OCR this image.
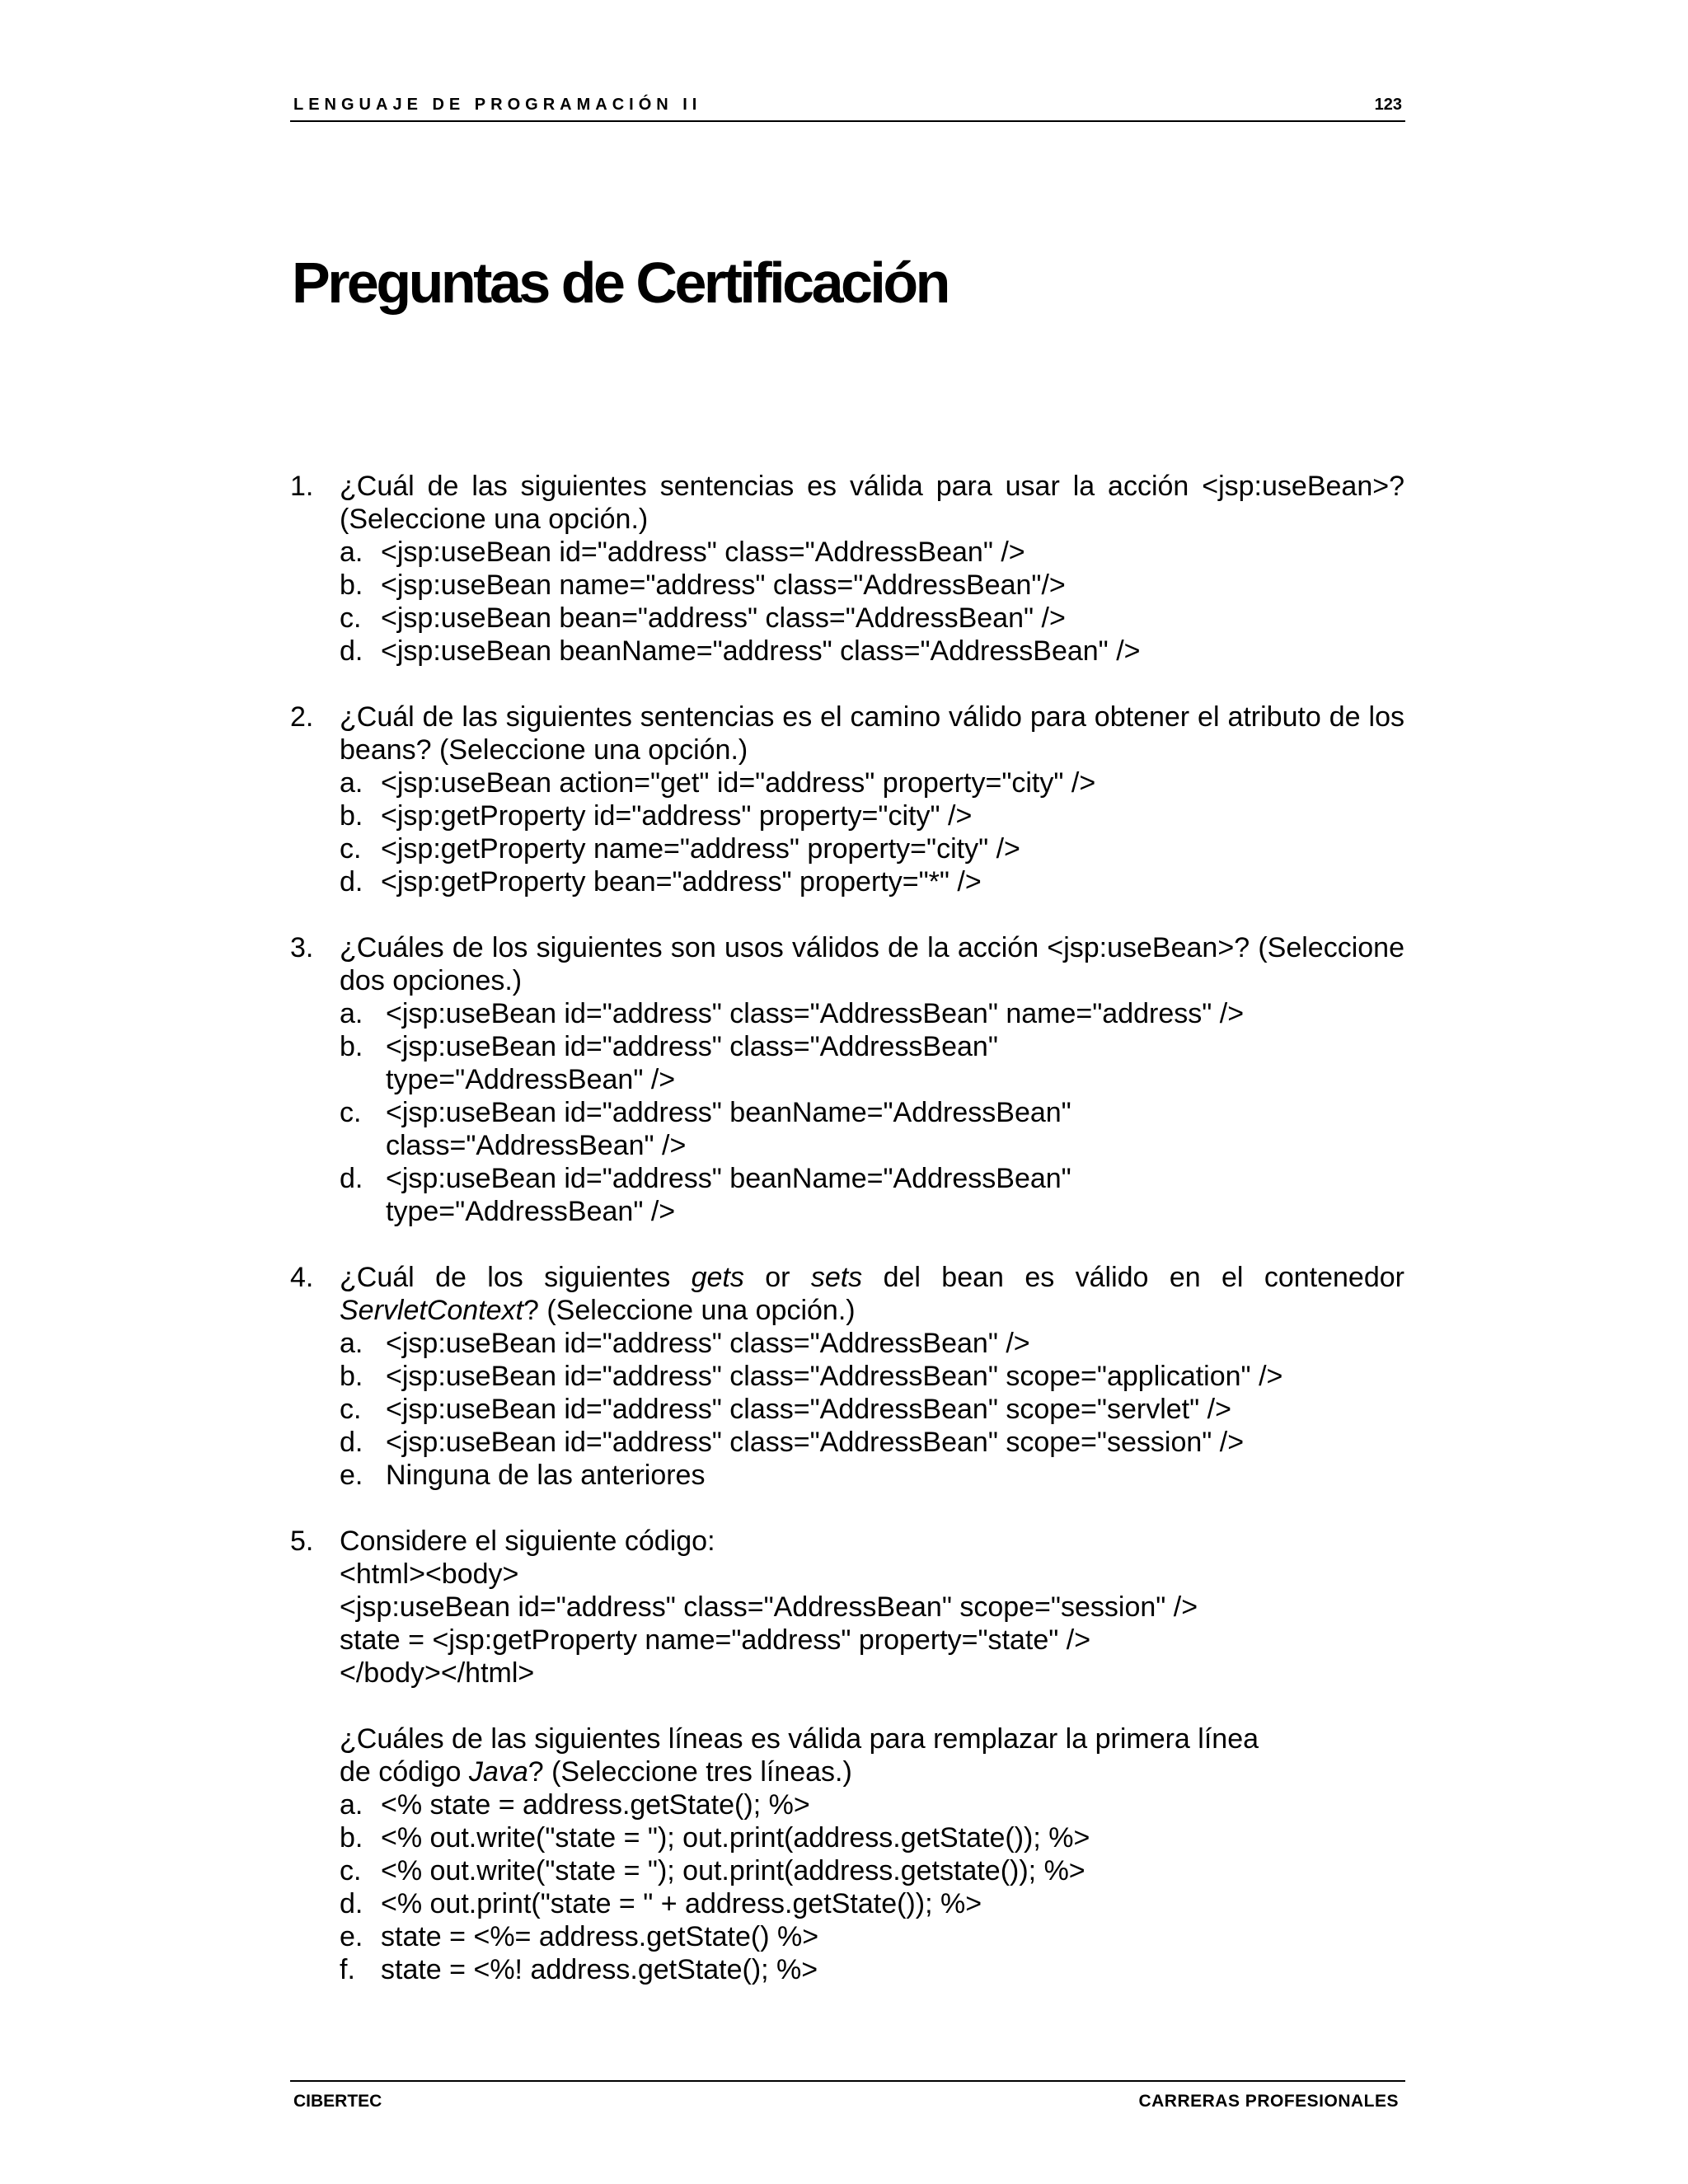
LENGUAJE DE PROGRAMACIÓN II	123
Preguntas de Certificación
1. ¿Cuál de las siguientes sentencias es válida para usar la acción <jsp:useBean>? (Seleccione una opción.)
a. <jsp:useBean id="address" class="AddressBean" />
b. <jsp:useBean name="address" class="AddressBean"/>
c. <jsp:useBean bean="address" class="AddressBean" />
d. <jsp:useBean beanName="address" class="AddressBean" />
2. ¿Cuál de las siguientes sentencias es el camino válido para obtener el atributo de los beans? (Seleccione una opción.)
a. <jsp:useBean action="get" id="address" property="city" />
b. <jsp:getProperty id="address" property="city" />
c. <jsp:getProperty name="address" property="city" />
d. <jsp:getProperty bean="address" property="*" />
3. ¿Cuáles de los siguientes son usos válidos de la acción <jsp:useBean>? (Seleccione dos opciones.)
a. <jsp:useBean id="address" class="AddressBean" name="address" />
b. <jsp:useBean id="address" class="AddressBean"
type="AddressBean" />
c. <jsp:useBean id="address" beanName="AddressBean"
class="AddressBean" />
d. <jsp:useBean id="address" beanName="AddressBean"
type="AddressBean" />
4. ¿Cuál de los siguientes gets or sets del bean es válido en el contenedor ServletContext? (Seleccione una opción.)
a. <jsp:useBean id="address" class="AddressBean" />
b. <jsp:useBean id="address" class="AddressBean" scope="application" />
c. <jsp:useBean id="address" class="AddressBean" scope="servlet" />
d. <jsp:useBean id="address" class="AddressBean" scope="session" />
e. Ninguna de las anteriores
5. Considere el siguiente código:
<html><body>
<jsp:useBean id="address" class="AddressBean" scope="session" />
state = <jsp:getProperty name="address" property="state" />
</body></html>
¿Cuáles de las siguientes líneas es válida para remplazar la primera línea de código Java? (Seleccione tres líneas.)
a. <% state = address.getState(); %>
b. <% out.write("state = "); out.print(address.getState()); %>
c. <% out.write("state = "); out.print(address.getstate()); %>
d. <% out.print("state = " + address.getState()); %>
e. state = <%= address.getState() %>
f. state = <%! address.getState(); %>
CIBERTEC	CARRERAS PROFESIONALES
